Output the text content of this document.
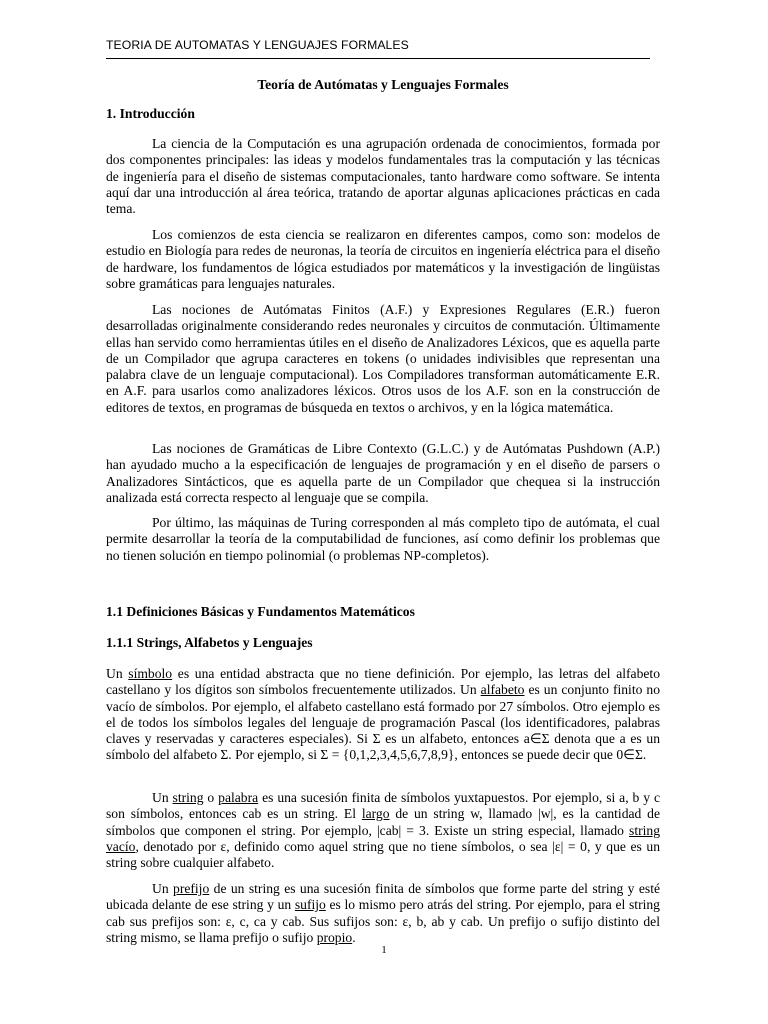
TEORIA DE AUTOMATAS Y LENGUAJES FORMALES
Teoría de Autómatas y Lenguajes Formales
1. Introducción

La ciencia de la Computación es una agrupación ordenada de conocimientos, formada por dos componentes principales: las ideas y modelos fundamentales tras la computación y las técnicas de ingeniería para el diseño de sistemas computacionales, tanto hardware como software. Se intenta aquí dar una introducción al área teórica, tratando de aportar algunas aplicaciones prácticas en cada tema.

Los comienzos de esta ciencia se realizaron en diferentes campos, como son: modelos de estudio en Biología para redes de neuronas, la teoría de circuitos en ingeniería eléctrica para el diseño de hardware, los fundamentos de lógica estudiados por matemáticos y la investigación de lingüistas sobre gramáticas para lenguajes naturales.

Las nociones de Autómatas Finitos (A.F.) y Expresiones Regulares (E.R.) fueron desarrolladas originalmente considerando redes neuronales y circuitos de conmutación. Últimamente ellas han servido como herramientas útiles en el diseño de Analizadores Léxicos, que es aquella parte de un Compilador que agrupa caracteres en tokens (o unidades indivisibles que representan una palabra clave de un lenguaje computacional). Los Compiladores transforman automáticamente E.R. en A.F. para usarlos como analizadores léxicos. Otros usos de los A.F. son en la construcción de editores de textos, en programas de búsqueda en textos o archivos, y en la lógica matemática.

Las nociones de Gramáticas de Libre Contexto (G.L.C.) y de Autómatas Pushdown (A.P.) han ayudado mucho a la especificación de lenguajes de programación y en el diseño de parsers o Analizadores Sintácticos, que es aquella parte de un Compilador que chequea si la instrucción analizada está correcta respecto al lenguaje que se compila.

Por último, las máquinas de Turing corresponden al más completo tipo de autómata, el cual permite desarrollar la teoría de la computabilidad de funciones, así como definir los problemas que no tienen solución en tiempo polinomial (o problemas NP-completos).

1.1 Definiciones Básicas y Fundamentos Matemáticos
1.1.1 Strings, Alfabetos y Lenguajes

Un símbolo es una entidad abstracta que no tiene definición. Por ejemplo, las letras del alfabeto castellano y los dígitos son símbolos frecuentemente utilizados. Un alfabeto es un conjunto finito no vacío de símbolos. Por ejemplo, el alfabeto castellano está formado por 27 símbolos. Otro ejemplo es el de todos los símbolos legales del lenguaje de programación Pascal (los identificadores, palabras claves y reservadas y caracteres especiales). Si Σ es un alfabeto, entonces a∈Σ denota que a es un símbolo del alfabeto Σ. Por ejemplo, si Σ = {0,1,2,3,4,5,6,7,8,9}, entonces se puede decir que 0∈Σ.

Un string o palabra es una sucesión finita de símbolos yuxtapuestos. Por ejemplo, si a, b y c son símbolos, entonces cab es un string. El largo de un string w, llamado |w|, es la cantidad de símbolos que componen el string. Por ejemplo, |cab| = 3. Existe un string especial, llamado string vacío, denotado por ε, definido como aquel string que no tiene símbolos, o sea |ε| = 0, y que es un string sobre cualquier alfabeto.

Un prefijo de un string es una sucesión finita de símbolos que forme parte del string y esté ubicada delante de ese string y un sufijo es lo mismo pero atrás del string. Por ejemplo, para el string cab sus prefijos son: ε, c, ca y cab. Sus sufijos son: ε, b, ab y cab. Un prefijo o sufijo distinto del string mismo, se llama prefijo o sufijo propio.

1
